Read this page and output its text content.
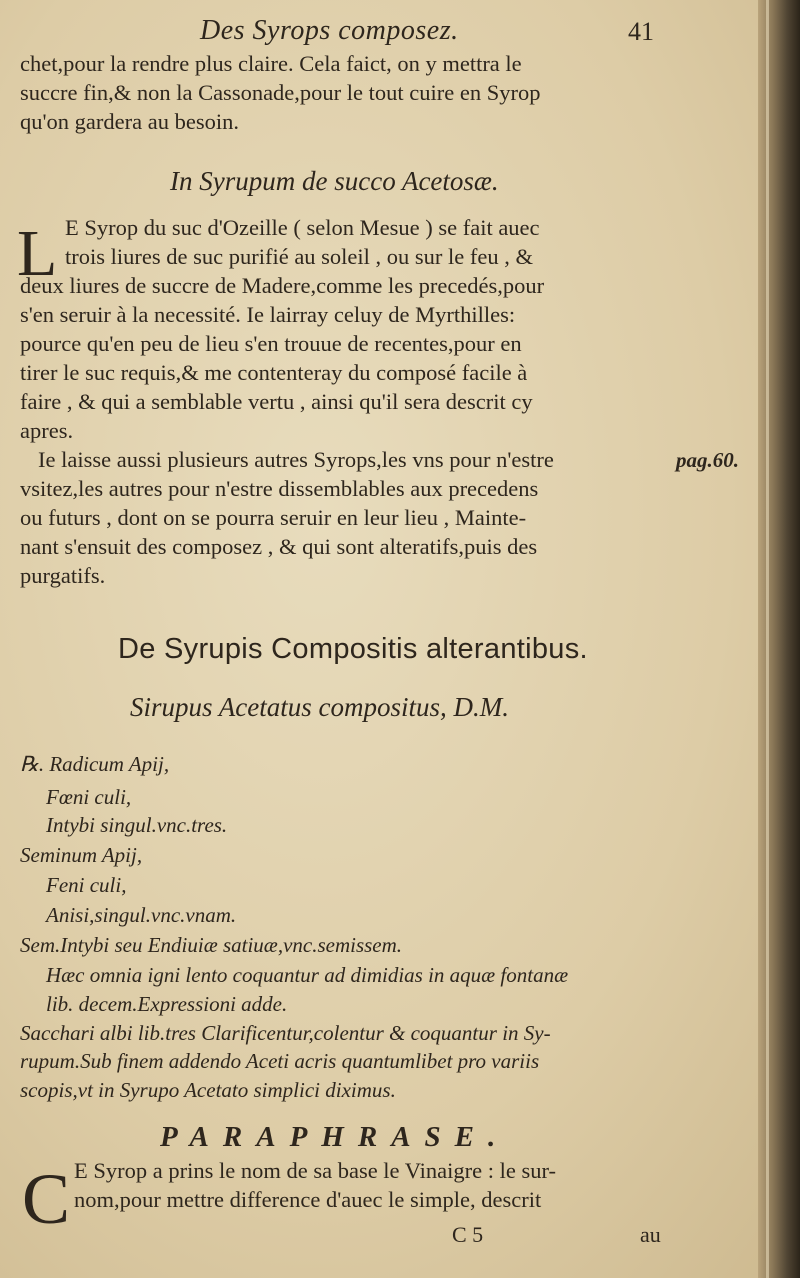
Des Syrops composez.	41
chet,pour la rendre plus claire. Cela faict, on y mettra le
succre fin,& non la Cassonade,pour le tout cuire en Syrop
qu'on gardera au besoin.
In Syrupum de succo Acetosæ.
L E Syrop du suc d'Ozeille ( selon Mesue ) se fait auec
trois liures de suc purifié au soleil , ou sur le feu , &
deux liures de succre de Madere,comme les precedés,pour
s'en seruir à la necessité. Ie lairray celuy de Myrthilles:
pource qu'en peu de lieu s'en trouue de recentes,pour en
tirer le suc requis,& me contenteray du composé facile à
faire , & qui a semblable vertu , ainsi qu'il sera descrit cy
apres.
Ie laisse aussi plusieurs autres Syrops,les vns pour n'estre	pag.60.
vsitez,les autres pour n'estre dissemblables aux precedens
ou futurs , dont on se pourra seruir en leur lieu , Mainte-
nant s'ensuit des composez , & qui sont alteratifs,puis des
purgatifs.
De Syrupis Compositis alterantibus.
Sirupus Acetatus compositus, D.M.
℞. Radicum Apij,
Fœni culi,
Intybi singul.vnc.tres.
Seminum Apij,
Feni culi,
Anisi,singul.vnc.vnam.
Sem.Intybi seu Endiuiæ satiuæ,vnc.semissem.
Hæc omnia igni lento coquantur ad dimidias in aquæ fontanæ
lib. decem.Expressioni adde.
Sacchari albi lib.tres Clarificentur,colentur & coquantur in Sy-
rupum.Sub finem addendo Aceti acris quantumlibet pro variis
scopis,vt in Syrupo Acetato simplici diximus.
PARAPHRASE.
C E Syrop a prins le nom de sa base le Vinaigre : le sur-
nom,pour mettre difference d'auec le simple, descrit
C 5	au
